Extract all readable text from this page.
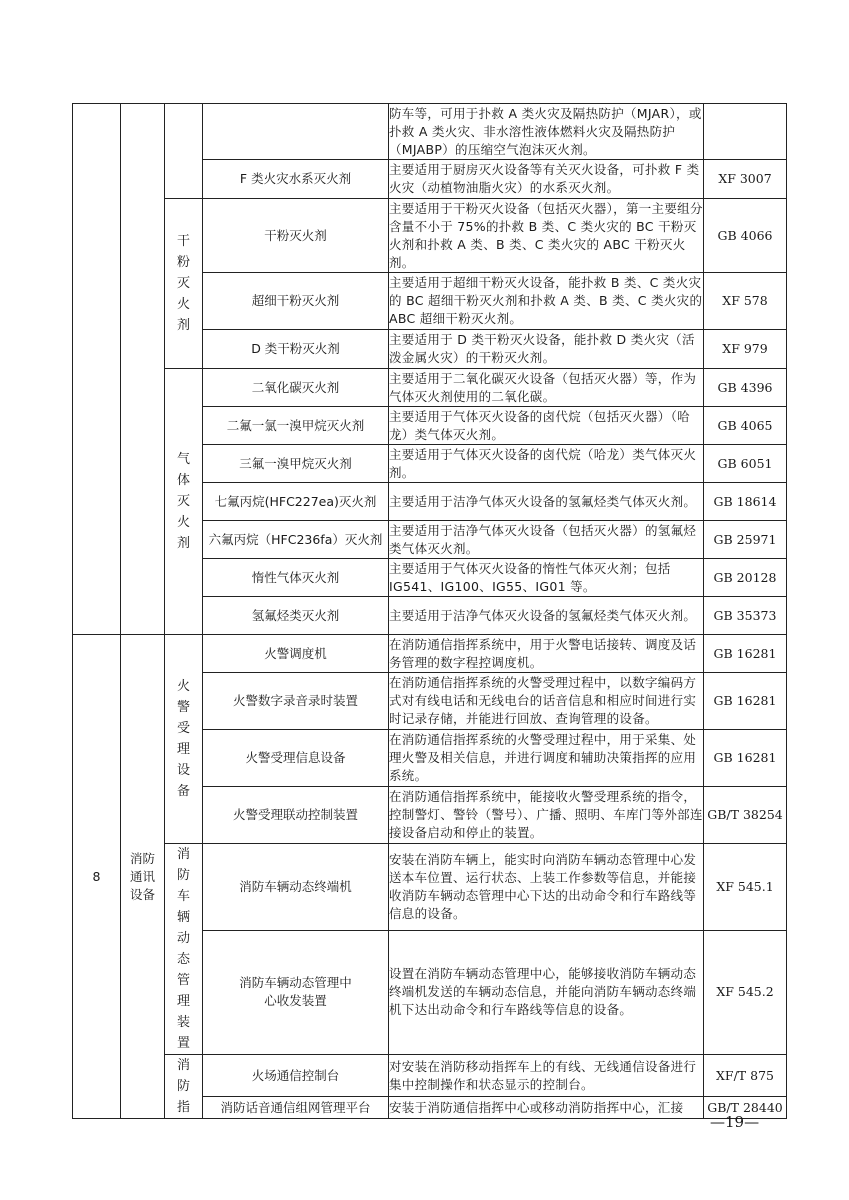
				防车等，可用于扑救 A 类火灾及隔热防护（MJAR），或扑救 A 类火灾、非水溶性液体燃料火灾及隔热防护（MJABP）的压缩空气泡沫灭火剂。	
			F 类火灾水系灭火剂	主要适用于厨房灭火设备等有关灭火设备，可扑救 F 类火灾（动植物油脂火灾）的水系灭火剂。	XF 3007

		干粉灭火剂	干粉灭火剂	主要适用于干粉灭火设备（包括灭火器），第一主要组分含量不小于 75%的扑救 B 类、C 类火灾的 BC 干粉灭火剂和扑救 A 类、B 类、C 类火灾的 ABC 干粉灭火剂。	GB 4066
			超细干粉灭火剂	主要适用于超细干粉灭火设备，能扑救 B 类、C 类火灾的 BC 超细干粉灭火剂和扑救 A 类、B 类、C 类火灾的 ABC 超细干粉灭火剂。	XF 578
			D 类干粉灭火剂	主要适用于 D 类干粉灭火设备，能扑救 D 类火灾（活泼金属火灾）的干粉灭火剂。	XF 979

		气体灭火剂	二氧化碳灭火剂	主要适用于二氧化碳灭火设备（包括灭火器）等，作为气体灭火剂使用的二氧化碳。	GB 4396
			二氟一氯一溴甲烷灭火剂	主要适用于气体灭火设备的卤代烷（包括灭火器）（哈龙）类气体灭火剂。	GB 4065
			三氟一溴甲烷灭火剂	主要适用于气体灭火设备的卤代烷（哈龙）类气体灭火剂。	GB 6051
			七氟丙烷(HFC227ea)灭火剂	主要适用于洁净气体灭火设备的氢氟烃类气体灭火剂。	GB 18614
			六氟丙烷（HFC236fa）灭火剂	主要适用于洁净气体灭火设备（包括灭火器）的氢氟烃类气体灭火剂。	GB 25971
			惰性气体灭火剂	主要适用于气体灭火设备的惰性气体灭火剂；包括 IG541、IG100、IG55、IG01 等。	GB 20128
			氢氟烃类灭火剂	主要适用于洁净气体灭火设备的氢氟烃类气体灭火剂。	GB 35373
8	消防通讯设备	火警受理设备	火警调度机	在消防通信指挥系统中，用于火警电话接转、调度及话务管理的数字程控调度机。	GB 16281
			火警数字录音录时装置	在消防通信指挥系统的火警受理过程中，以数字编码方式对有线电话和无线电台的话音信息和相应时间进行实时记录存储，并能进行回放、查询管理的设备。	GB 16281
			火警受理信息设备	在消防通信指挥系统的火警受理过程中，用于采集、处理火警及相关信息，并进行调度和辅助决策指挥的应用系统。	GB 16281
			火警受理联动控制装置	在消防通信指挥系统中，能接收火警受理系统的指令，控制警灯、警铃（警号）、广播、照明、车库门等外部连接设备启动和停止的装置。	GB/T 38254

		消防车辆动态管理装置	消防车辆动态终端机	安装在消防车辆上，能实时向消防车辆动态管理中心发送本车位置、运行状态、上装工作参数等信息，并能接收消防车辆动态管理中心下达的出动命令和行车路线等信息的设备。	XF 545.1

			消防车辆动态管理中心收发装置	设置在消防车辆动态管理中心，能够接收消防车辆动态终端机发送的车辆动态信息，并能向消防车辆动态终端机下达出动命令和行车路线等信息的设备。	XF 545.2

		消防指	火场通信控制台	对安装在消防移动指挥车上的有线、无线通信设备进行集中控制操作和状态显示的控制台。	XF/T 875
			消防话音通信组网管理平台	安装于消防通信指挥中心或移动消防指挥中心，汇接	GB/T 28440
—19—
